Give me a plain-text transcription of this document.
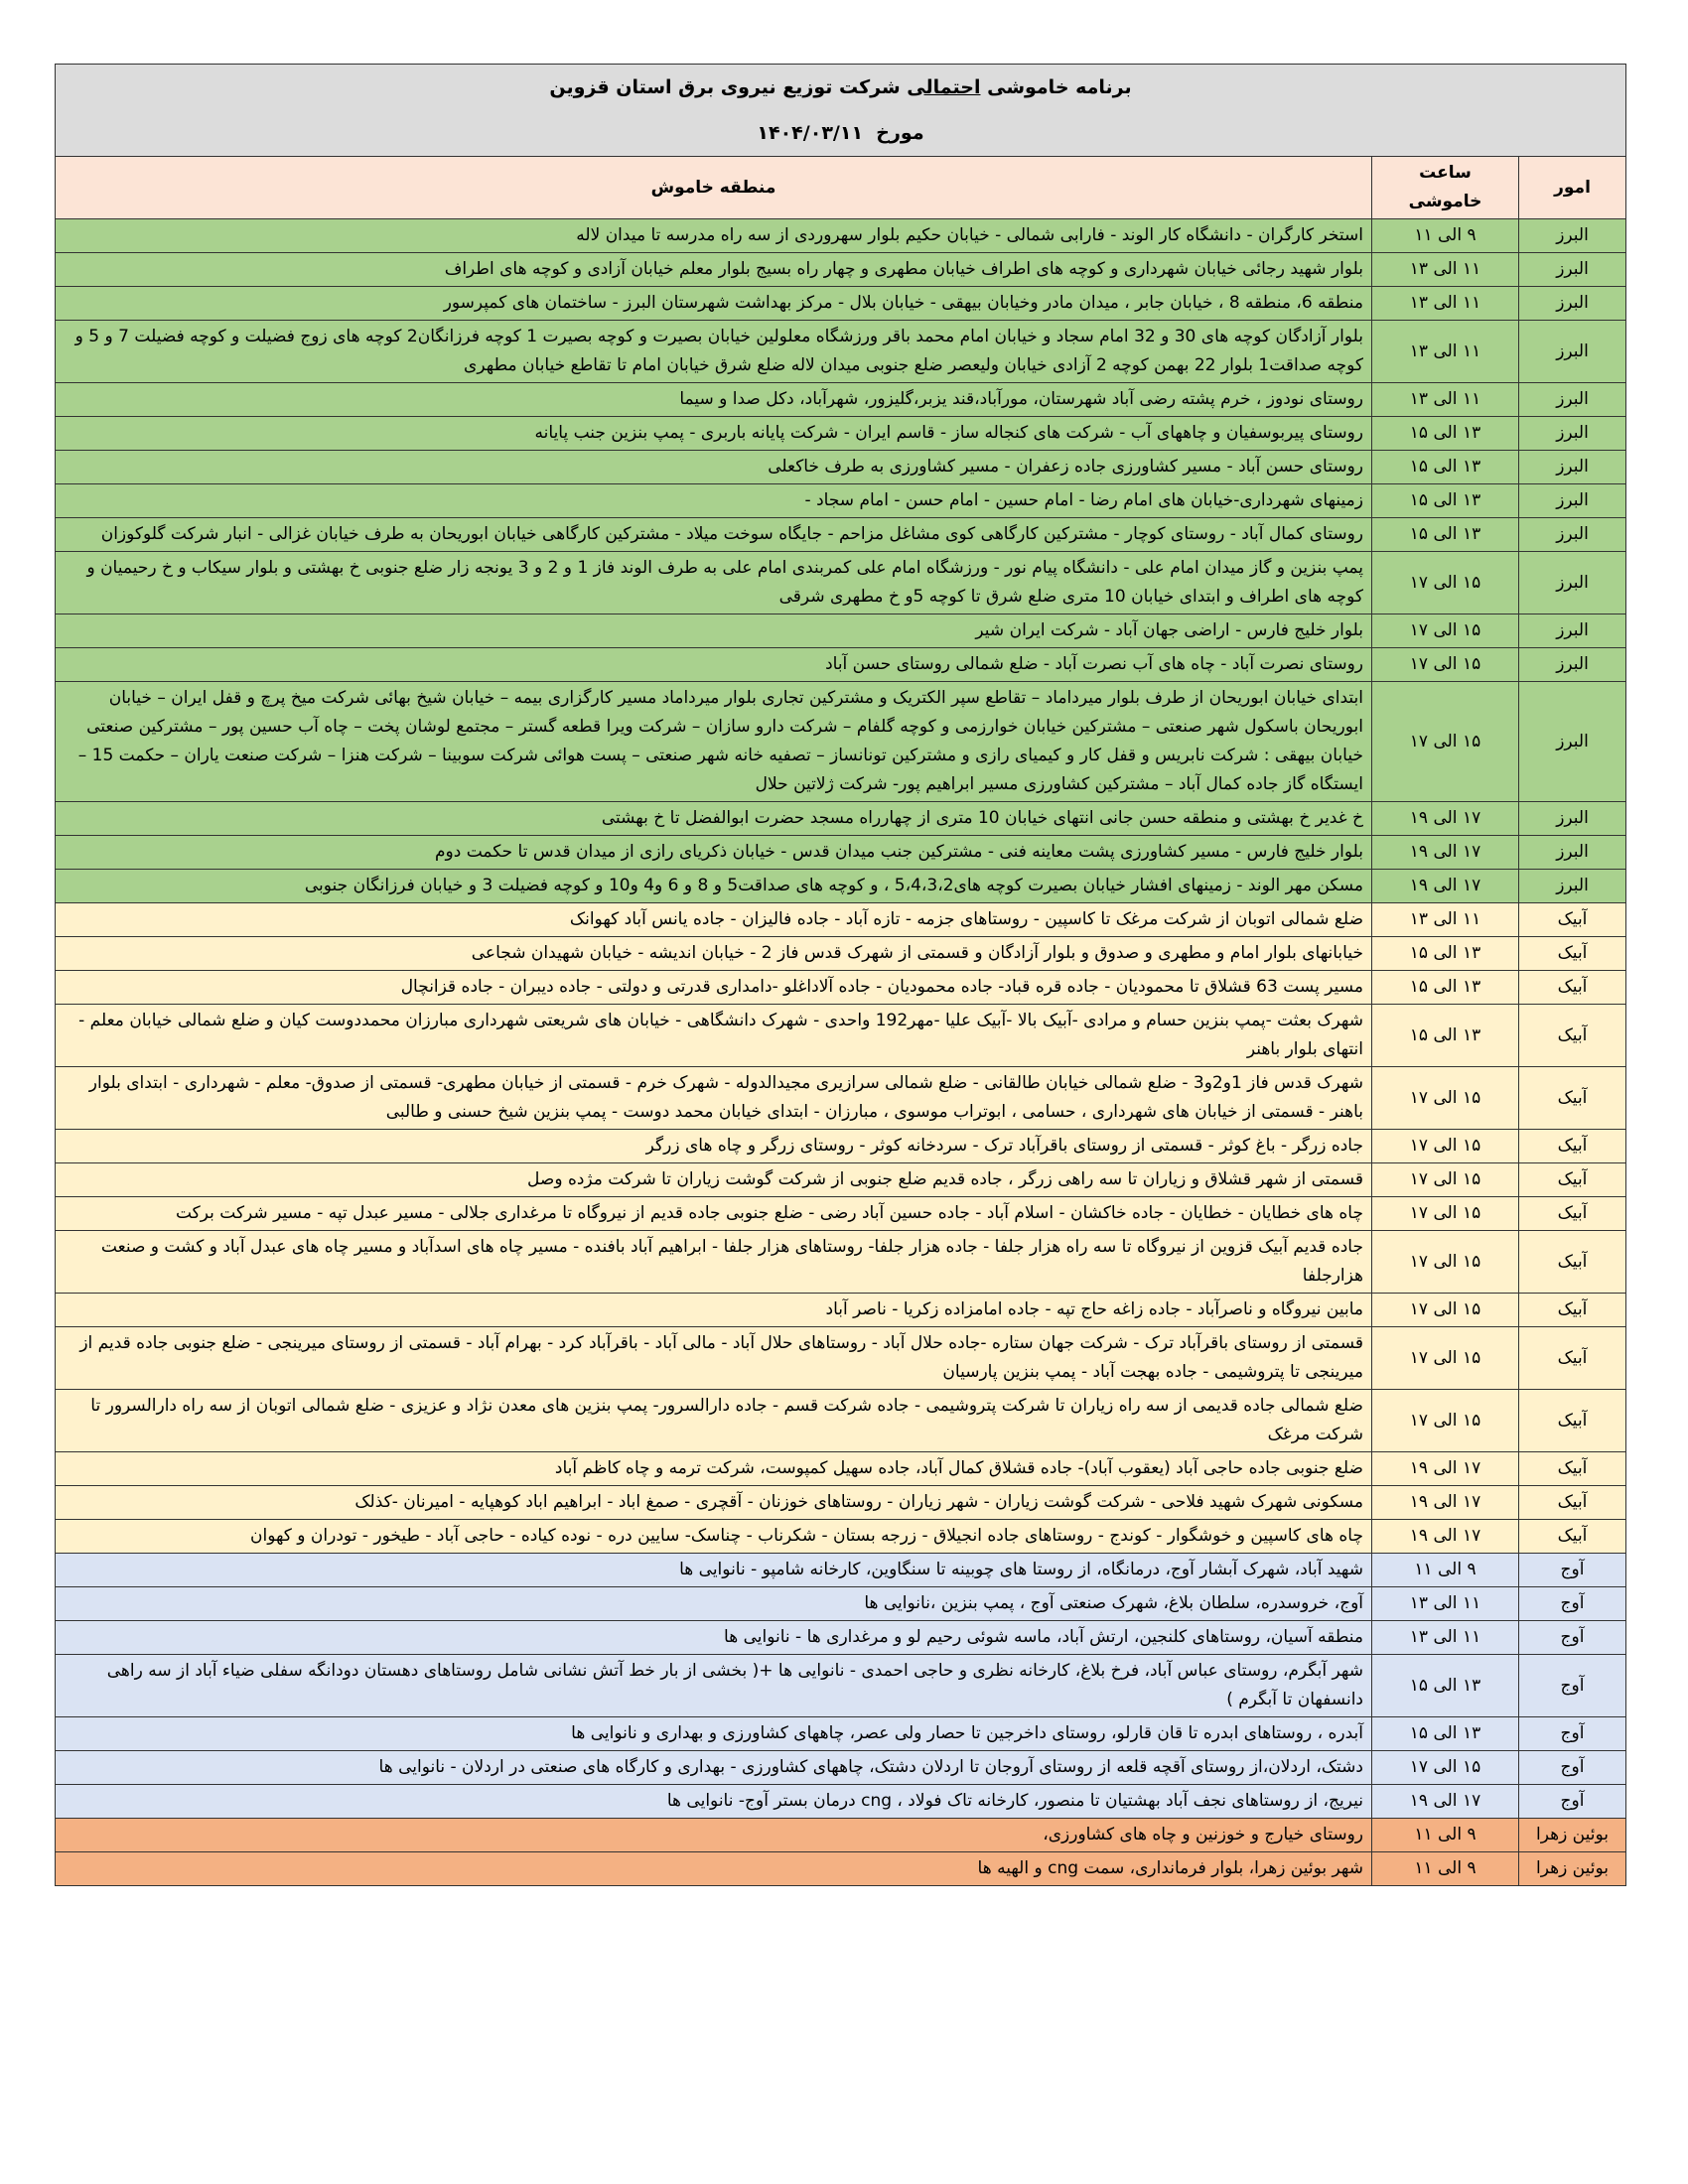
برنامه خاموشی احتمالی شرکت توزیع نیروی برق استان قزوین		
مورخ  ۱۴۰۴/۰۳/۱۱		
امور	ساعت خاموشی	منطقه خاموش
البرز	۹ الی ۱۱	استخر کارگران - دانشگاه کار الوند - فارابی شمالی - خیابان حکیم بلوار سهروردی از سه راه مدرسه تا میدان لاله
البرز	۱۱ الی ۱۳	بلوار شهید رجائی خیابان شهرداری و کوچه های اطراف خیابان مطهری و چهار راه بسیج بلوار معلم خیابان آزادی و کوچه های اطراف
البرز	۱۱ الی ۱۳	منطقه 6، منطقه 8 ، خیابان جابر ، میدان مادر وخیابان بیهقی - خیابان بلال - مرکز بهداشت شهرستان البرز - ساختمان های کمپرسور
البرز	۱۱ الی ۱۳	بلوار آزادگان کوچه های 30 و 32 امام سجاد و خیابان امام محمد باقر ورزشگاه معلولین خیابان بصیرت و کوچه بصیرت 1 کوچه فرزانگان2 کوچه های زوج فضیلت و کوچه فضیلت 7 و 5 و کوچه صداقت1 بلوار 22 بهمن کوچه 2 آزادی خیابان ولیعصر ضلع جنوبی میدان لاله ضلع شرق خیابان امام تا تقاطع خیابان مطهری
البرز	۱۱ الی ۱۳	روستای نودوز ، خرم پشته رضی آباد شهرستان، مورآباد،قند یزبر،گلیزور، شهرآباد، دکل صدا و سیما
البرز	۱۳ الی ۱۵	روستای پیربوسفیان و چاههای آب - شرکت های کنجاله ساز - قاسم ایران - شرکت پایانه باربری - پمپ بنزین جنب پایانه
البرز	۱۳ الی ۱۵	روستای حسن آباد - مسیر کشاورزی جاده زعفران - مسیر کشاورزی به طرف خاکعلی
البرز	۱۳ الی ۱۵	زمینهای شهرداری-خیابان های امام رضا - امام حسین - امام حسن - امام سجاد -
البرز	۱۳ الی ۱۵	روستای کمال آباد - روستای کوچار - مشترکین کارگاهی کوی مشاغل مزاحم - جایگاه سوخت میلاد - مشترکین کارگاهی خیابان ابوریحان به طرف خیابان غزالی - انبار شرکت گلوکوزان
البرز	۱۵ الی ۱۷	پمپ بنزین و گاز میدان امام علی - دانشگاه پیام نور - ورزشگاه امام علی کمربندی امام علی به طرف الوند فاز 1 و 2 و 3 یونجه زار ضلع جنوبی خ بهشتی و بلوار سیکاب و خ رحیمیان و کوچه های اطراف و ابتدای خیابان 10 متری ضلع شرق تا کوچه 5و خ مطهری شرقی
البرز	۱۵ الی ۱۷	بلوار خلیج فارس - اراضی جهان آباد - شرکت ایران شیر
البرز	۱۵ الی ۱۷	روستای نصرت آباد - چاه های آب نصرت آباد - ضلع شمالی روستای حسن آباد
البرز	۱۵ الی ۱۷	ابتدای خیابان ابوریحان از طرف بلوار میرداماد – تقاطع سپر الکتریک و مشترکین تجاری بلوار میرداماد مسیر کارگزاری بیمه – خیابان شیخ بهائی شرکت میخ پرچ و قفل ایران – خیابان ابوریحان باسکول شهر صنعتی – مشترکین خیابان خوارزمی و کوچه گلفام – شرکت دارو سازان – شرکت ویرا قطعه گستر – مجتمع لوشان پخت – چاه آب حسین پور – مشترکین صنعتی خیابان بیهقی : شرکت نابریس و قفل کار و کیمیای رازی و مشترکین تونانساز – تصفیه خانه شهر صنعتی – پست هوائی شرکت سوبینا – شرکت هنزا – شرکت صنعت یاران – حکمت 15 – ایستگاه گاز جاده کمال آباد – مشترکین کشاورزی مسیر ابراهیم پور- شرکت ژلاتین حلال
البرز	۱۷ الی ۱۹	خ غدیر خ بهشتی و منطقه حسن جانی انتهای خیابان 10 متری از چهارراه مسجد حضرت ابوالفضل تا خ بهشتی
البرز	۱۷ الی ۱۹	بلوار خلیج فارس - مسیر کشاورزی پشت معاینه فنی - مشترکین جنب میدان قدس - خیابان ذکریای رازی از میدان قدس تا حکمت دوم
البرز	۱۷ الی ۱۹	مسکن مهر الوند - زمینهای افشار خیابان بصیرت کوچه های5،4،3،2 ، و کوچه های صداقت5 و 8 و 6 و4 و10 و کوچه فضیلت 3 و خیابان فرزانگان جنوبی
آبیک	۱۱ الی ۱۳	ضلع شمالی اتوبان از شرکت مرغک تا کاسپین - روستاهای جزمه - تازه آباد - جاده فالیزان - جاده یانس آباد کهوانک
آبیک	۱۳ الی ۱۵	خیابانهای بلوار امام و مطهری و صدوق و بلوار آزادگان و قسمتی از شهرک قدس فاز 2 - خیابان اندیشه - خیابان شهیدان شجاعی
آبیک	۱۳ الی ۱۵	مسیر پست 63 قشلاق تا محمودیان - جاده قره قباد- جاده محمودیان - جاده آلاداغلو -دامداری قدرتی و دولتی - جاده دیبران - جاده قزانچال
آبیک	۱۳ الی ۱۵	شهرک بعثت -پمپ بنزین حسام و مرادی -آبیک بالا -آبیک علیا -مهر192 واحدی - شهرک دانشگاهی - خیابان های شریعتی شهرداری مبارزان محمددوست کیان و ضلع شمالی خیابان معلم - انتهای بلوار باهنر
آبیک	۱۵ الی ۱۷	شهرک قدس فاز 1و2و3 - ضلع شمالی خیابان طالقانی - ضلع شمالی سرازیری مجیدالدوله - شهرک خرم - قسمتی از خیابان مطهری- قسمتی از صدوق- معلم - شهرداری - ابتدای بلوار باهنر - قسمتی از خیابان های شهرداری ، حسامی ، ابوتراب موسوی ، مبارزان - ابتدای خیابان محمد دوست - پمپ بنزین شیخ حسنی و طالبی
آبیک	۱۵ الی ۱۷	جاده زرگر - باغ کوثر - قسمتی از روستای باقرآباد ترک - سردخانه کوثر - روستای زرگر و چاه های زرگر
آبیک	۱۵ الی ۱۷	قسمتی از شهر قشلاق و زیاران تا سه راهی زرگر ، جاده قدیم ضلع جنوبی از شرکت گوشت زیاران تا شرکت مژده وصل
آبیک	۱۵ الی ۱۷	چاه های خطایان - خطایان - جاده خاکشان - اسلام آباد - جاده حسین آباد رضی - ضلع جنوبی جاده قدیم از نیروگاه تا مرغداری جلالی - مسیر عبدل تپه - مسیر شرکت برکت
آبیک	۱۵ الی ۱۷	جاده قدیم آبیک قزوین از نیروگاه تا سه راه هزار جلفا - جاده هزار جلفا- روستاهای هزار جلفا - ابراهیم آباد بافنده - مسیر چاه های اسدآباد و مسیر چاه های عبدل آباد و کشت و صنعت هزارجلفا
آبیک	۱۵ الی ۱۷	مابین نیروگاه و ناصرآباد - جاده زاغه حاج تپه - جاده امامزاده زکریا - ناصر آباد
آبیک	۱۵ الی ۱۷	قسمتی از روستای باقرآباد ترک - شرکت جهان ستاره -جاده حلال آباد - روستاهای حلال آباد - مالی آباد - باقرآباد کرد - بهرام آباد - قسمتی از روستای میرینجی - ضلع جنوبی جاده قدیم از میرینجی تا پتروشیمی - جاده بهجت آباد - پمپ بنزین پارسیان
آبیک	۱۵ الی ۱۷	ضلع شمالی جاده قدیمی از سه راه زیاران تا شرکت پتروشیمی - جاده شرکت قسم - جاده دارالسرور- پمپ بنزین های معدن نژاد و عزیزی - ضلع شمالی اتوبان از سه راه دارالسرور تا شرکت مرغک
آبیک	۱۷ الی ۱۹	ضلع جنوبی جاده حاجی آباد (یعقوب آباد)- جاده قشلاق کمال آباد، جاده سهیل کمپوست، شرکت ترمه و چاه کاظم آباد
آبیک	۱۷ الی ۱۹	مسکونی شهرک شهید فلاحی - شرکت گوشت زیاران - شهر زیاران - روستاهای خوزنان - آقچری - صمغ اباد - ابراهیم اباد کوهپایه - امیرنان -کذلک
آبیک	۱۷ الی ۱۹	چاه های کاسپین و خوشگوار - کوندج - روستاهای جاده انجیلاق - زرجه بستان - شکرناب - چناسک- سایین دره - نوده کیاده - حاجی آباد - طیخور - تودران و کهوان
آوج	۹ الی ۱۱	شهید آباد، شهرک آبشار آوج، درمانگاه، از روستا های چوبینه تا سنگاوین، کارخانه شامپو - نانوایی ها
آوج	۱۱ الی ۱۳	آوج، خروسدره، سلطان بلاغ، شهرک صنعتی آوج ، پمپ بنزین ،نانوایی ها
آوج	۱۱ الی ۱۳	منطقه آسیان، روستاهای کلنجین، ارتش آباد، ماسه شوئی رحیم لو و مرغداری ها - نانوایی ها
آوج	۱۳ الی ۱۵	شهر آبگرم، روستای عباس آباد، فرخ بلاغ، کارخانه نظری و حاجی احمدی - نانوایی ها +( بخشی از بار خط آتش نشانی شامل روستاهای دهستان دودانگه سفلی ضیاء آباد از سه راهی دانسفهان تا آبگرم )
آوج	۱۳ الی ۱۵	آبدره ، روستاهای ابدره تا قان قارلو، روستای داخرجین تا حصار ولی عصر، چاههای کشاورزی و بهداری و نانوایی ها
آوج	۱۵ الی ۱۷	دشتک، اردلان،از روستای آقچه قلعه از روستای آروجان تا اردلان دشتک، چاههای کشاورزی - بهداری و کارگاه های صنعتی در اردلان - نانوایی ها
آوج	۱۷ الی ۱۹	نیریج، از روستاهای نجف آباد بهشتیان تا منصور، کارخانه تاک فولاد ، cng درمان بستر آوج- نانوایی ها
بوئین زهرا	۹ الی ۱۱	روستای خیارج و خوزنین و چاه های کشاورزی،
بوئین زهرا	۹ الی ۱۱	شهر بوئین زهرا، بلوار فرمانداری، سمت cng و الهیه ها
